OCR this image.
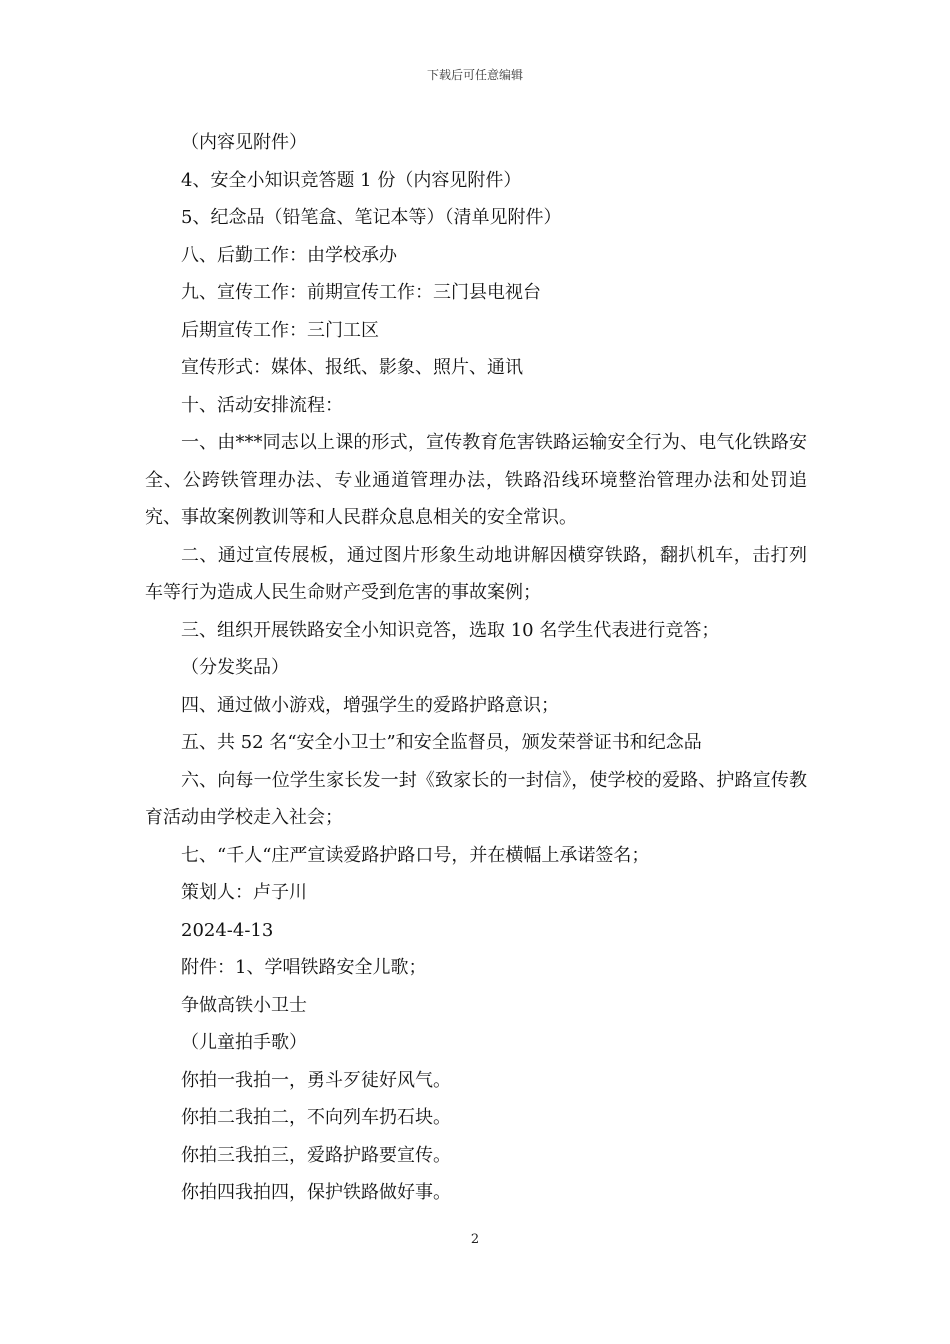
下载后可任意编辑
（内容见附件）
4、安全小知识竞答题 1 份（内容见附件）
5、纪念品（铅笔盒、笔记本等）（清单见附件）
八、后勤工作：由学校承办
九、宣传工作：前期宣传工作：三门县电视台
后期宣传工作：三门工区
宣传形式：媒体、报纸、影象、照片、通讯
十、活动安排流程：
一、由***同志以上课的形式，宣传教育危害铁路运输安全行为、电气化铁路安全、公跨铁管理办法、专业通道管理办法，铁路沿线环境整治管理办法和处罚追究、事故案例教训等和人民群众息息相关的安全常识。
二、通过宣传展板，通过图片形象生动地讲解因横穿铁路，翻扒机车，击打列车等行为造成人民生命财产受到危害的事故案例；
三、组织开展铁路安全小知识竞答，选取 10 名学生代表进行竞答；
（分发奖品）
四、通过做小游戏，增强学生的爱路护路意识；
五、共 52 名“安全小卫士”和安全监督员，颁发荣誉证书和纪念品
六、向每一位学生家长发一封《致家长的一封信》，使学校的爱路、护路宣传教育活动由学校走入社会；
七、“千人“庄严宣读爱路护路口号，并在横幅上承诺签名；
策划人：卢子川
2024-4-13
附件：1、学唱铁路安全儿歌；
争做高铁小卫士
（儿童拍手歌）
你拍一我拍一，勇斗歹徒好风气。
你拍二我拍二，不向列车扔石块。
你拍三我拍三，爱路护路要宣传。
你拍四我拍四，保护铁路做好事。
2
